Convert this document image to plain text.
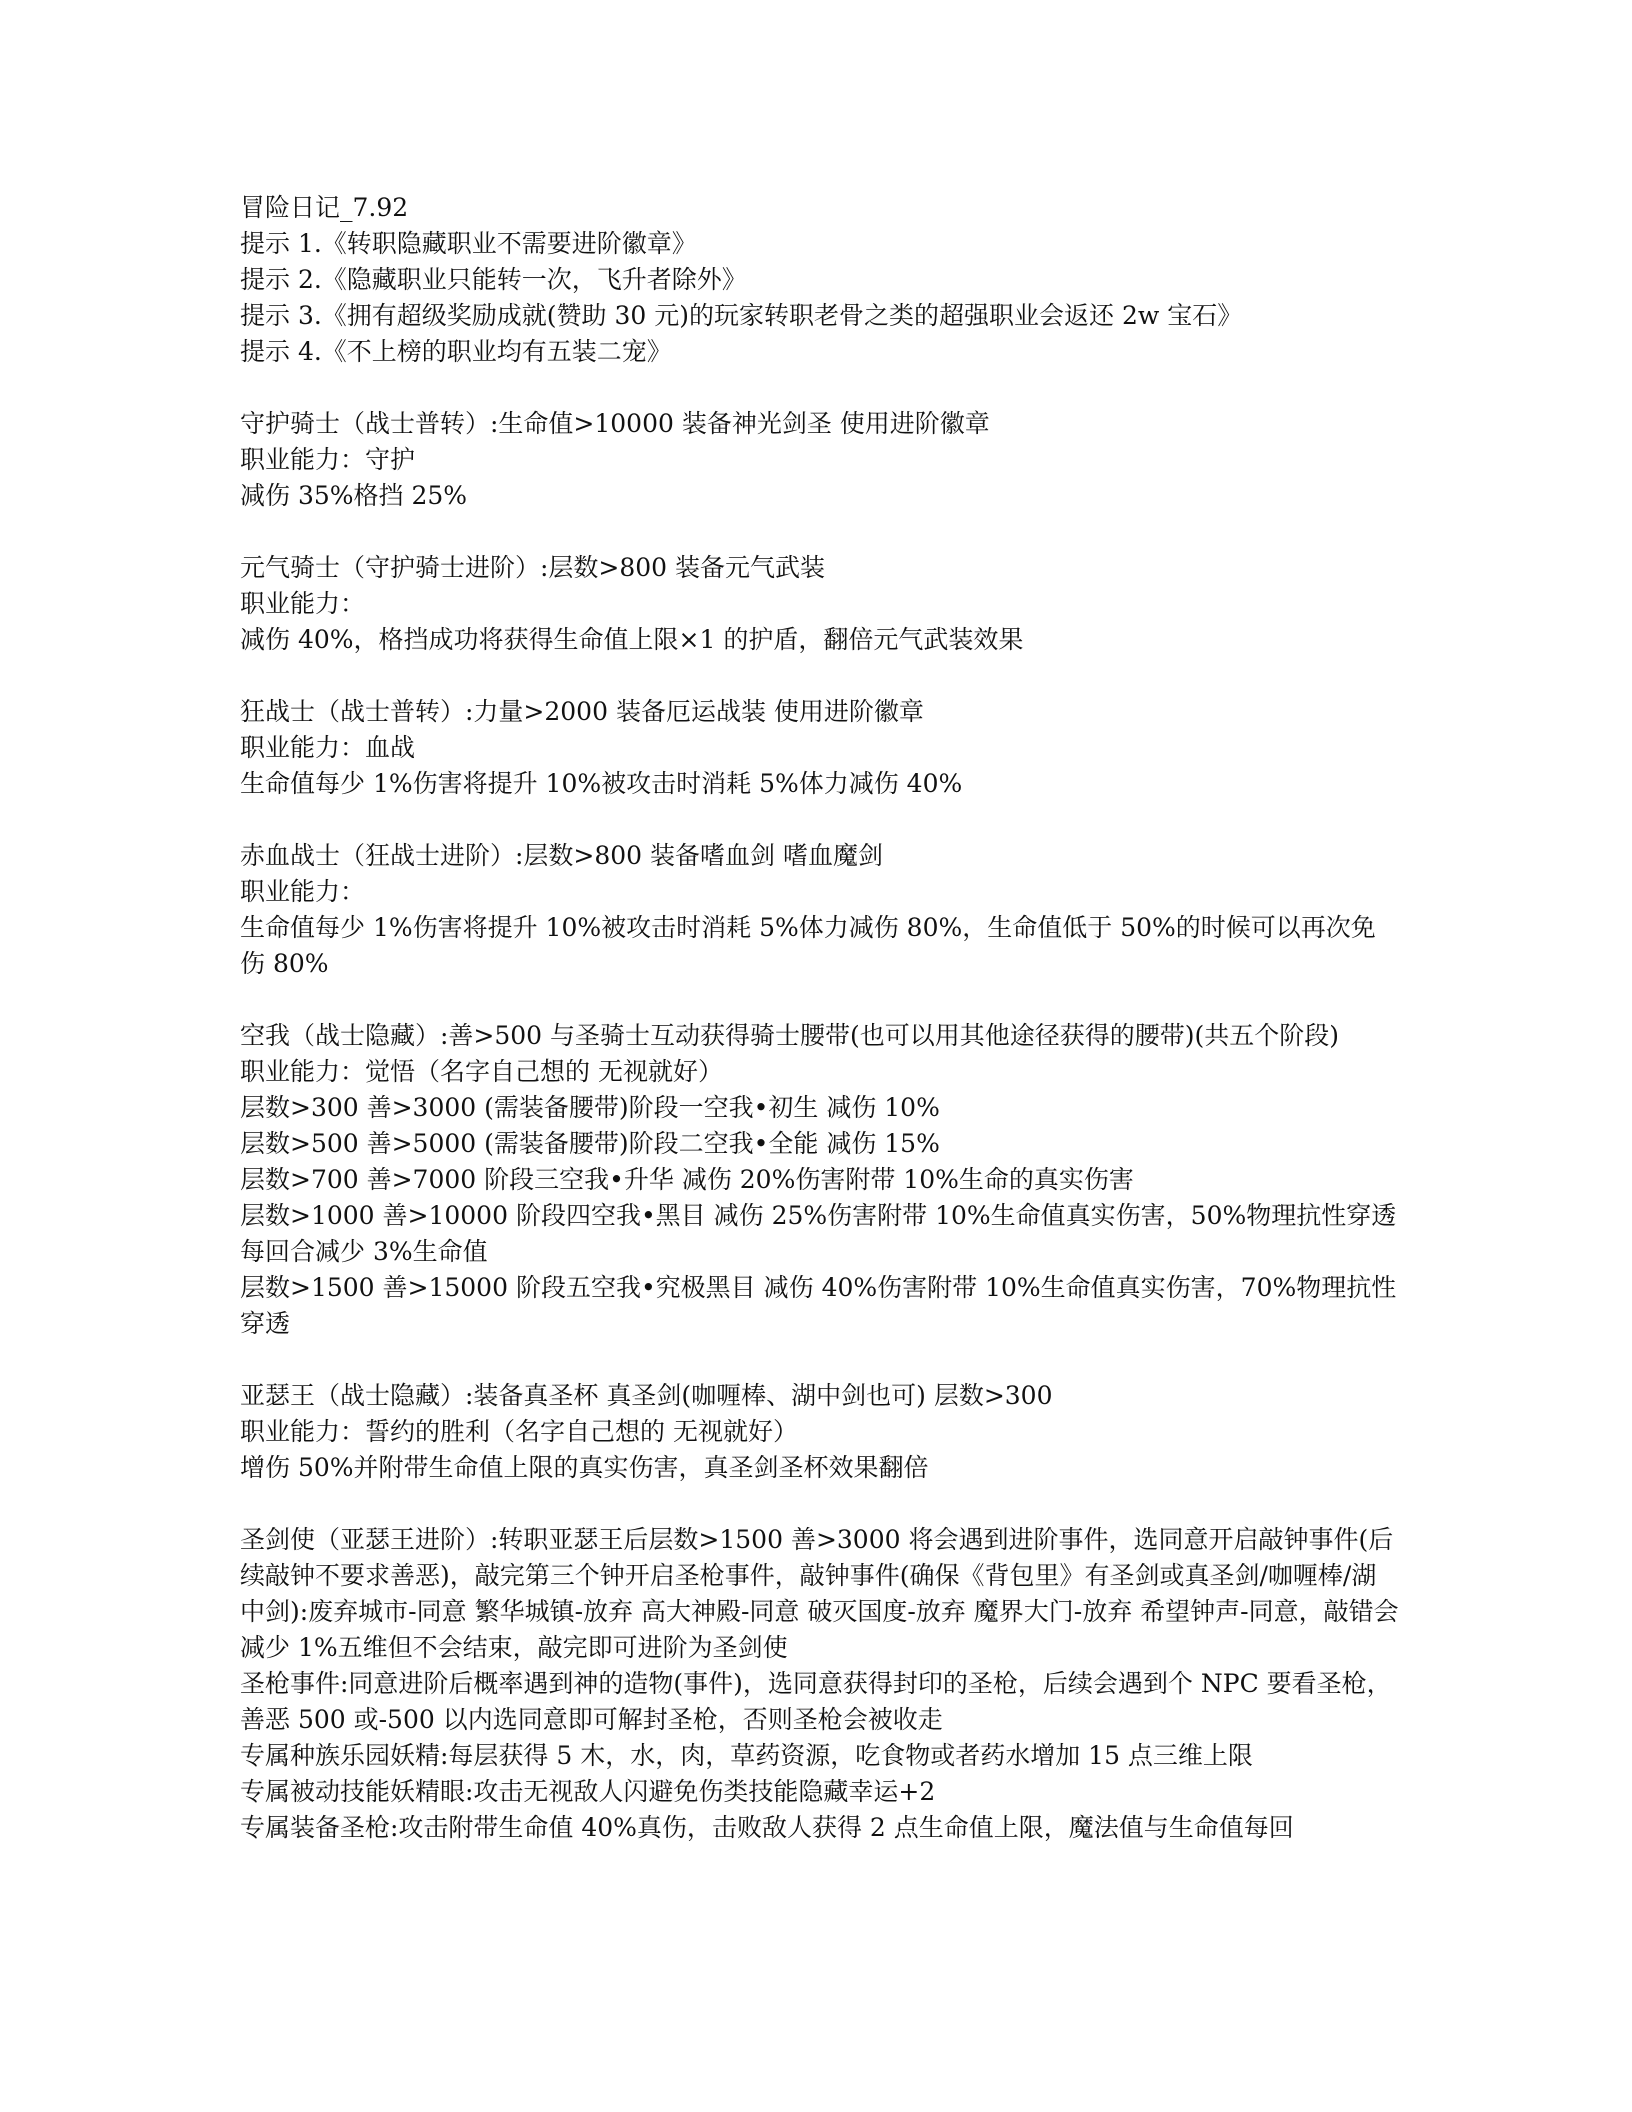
冒险日记_7.92

提示 1.《转职隐藏职业不需要进阶徽章》

提示 2.《隐藏职业只能转一次，飞升者除外》

提示 3.《拥有超级奖励成就(赞助 30 元)的玩家转职老骨之类的超强职业会返还 2w 宝石》

提示 4.《不上榜的职业均有五装二宠》

守护骑士（战士普转）:生命值>10000 装备神光剑圣 使用进阶徽章

职业能力：守护

减伤 35%格挡 25%

元气骑士（守护骑士进阶）:层数>800 装备元气武装

职业能力：

减伤 40%，格挡成功将获得生命值上限×1 的护盾，翻倍元气武装效果

狂战士（战士普转）:力量>2000 装备厄运战装 使用进阶徽章

职业能力：血战

生命值每少 1%伤害将提升 10%被攻击时消耗 5%体力减伤 40%

赤血战士（狂战士进阶）:层数>800 装备嗜血剑 嗜血魔剑

职业能力：

生命值每少 1%伤害将提升 10%被攻击时消耗 5%体力减伤 80%，生命值低于 50%的时候可以再次免伤 80%

空我（战士隐藏）:善>500 与圣骑士互动获得骑士腰带(也可以用其他途径获得的腰带)(共五个阶段)

职业能力：觉悟（名字自己想的 无视就好）

层数>300 善>3000 (需装备腰带)阶段一空我•初生 减伤 10%

层数>500 善>5000 (需装备腰带)阶段二空我•全能 减伤 15%

层数>700 善>7000 阶段三空我•升华 减伤 20%伤害附带 10%生命的真实伤害

层数>1000 善>10000 阶段四空我•黑目 减伤 25%伤害附带 10%生命值真实伤害，50%物理抗性穿透每回合减少 3%生命值

层数>1500 善>15000 阶段五空我•究极黑目 减伤 40%伤害附带 10%生命值真实伤害，70%物理抗性穿透

亚瑟王（战士隐藏）:装备真圣杯 真圣剑(咖喱棒、湖中剑也可) 层数>300

职业能力：誓约的胜利（名字自己想的 无视就好）

增伤 50%并附带生命值上限的真实伤害，真圣剑圣杯效果翻倍

圣剑使（亚瑟王进阶）:转职亚瑟王后层数>1500 善>3000 将会遇到进阶事件，选同意开启敲钟事件(后续敲钟不要求善恶)，敲完第三个钟开启圣枪事件，敲钟事件(确保《背包里》有圣剑或真圣剑/咖喱棒/湖中剑):废弃城市-同意 繁华城镇-放弃 高大神殿-同意 破灭国度-放弃 魔界大门-放弃 希望钟声-同意，敲错会减少 1%五维但不会结束，敲完即可进阶为圣剑使

圣枪事件:同意进阶后概率遇到神的造物(事件)，选同意获得封印的圣枪，后续会遇到个 NPC 要看圣枪，善恶 500 或-500 以内选同意即可解封圣枪，否则圣枪会被收走

专属种族乐园妖精:每层获得 5 木，水，肉，草药资源，吃食物或者药水增加 15 点三维上限

专属被动技能妖精眼:攻击无视敌人闪避免伤类技能隐藏幸运+2

专属装备圣枪:攻击附带生命值 40%真伤，击败敌人获得 2 点生命值上限，魔法值与生命值每回
